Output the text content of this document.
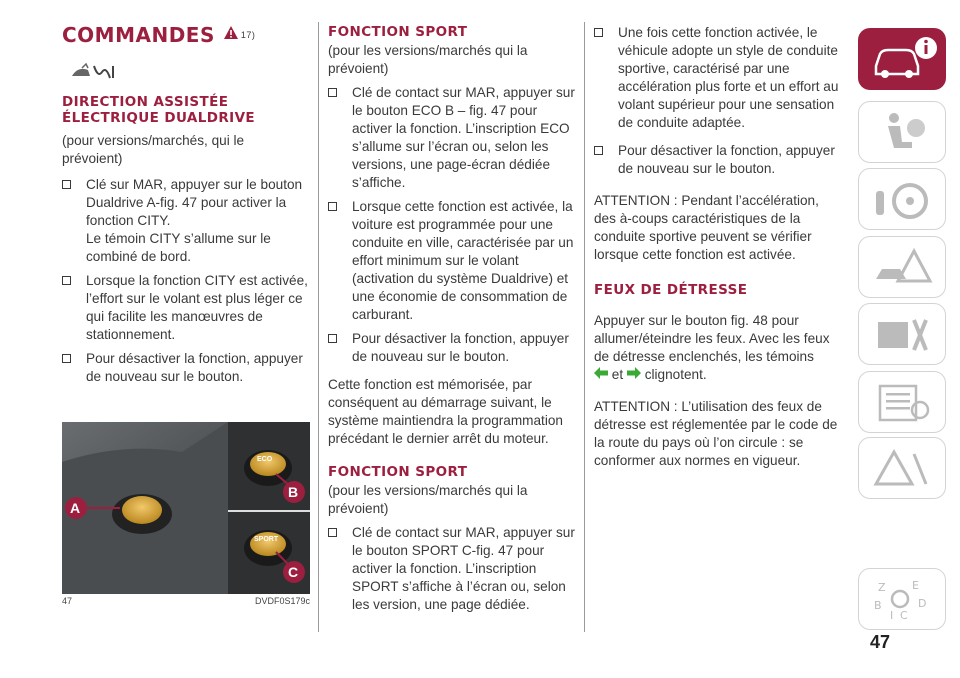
COMMANDES	17)
DIRECTION ASSISTÉE ÉLECTRIQUE DUALDRIVE
(pour versions/marchés, qui le prévoient)
Clé sur MAR, appuyer sur le bouton Dualdrive A-fig. 47 pour activer la fonction CITY.
Le témoin CITY s’allume sur le combiné de bord.
Lorsque la fonction CITY est activée, l’effort sur le volant est plus léger ce qui facilite les manœuvres de stationnement.
Pour désactiver la fonction, appuyer de nouveau sur le bouton.
ECO
SPORT
A
B
C
47	DVDF0S179c
FONCTION SPORT
(pour les versions/marchés qui la prévoient)
Clé de contact sur MAR, appuyer sur le bouton ECO B – fig. 47 pour activer la fonction. L’inscription ECO s’allume sur l’écran ou, selon les versions, une page-écran dédiée s’affiche.
Lorsque cette fonction est activée, la voiture est programmée pour une conduite en ville, caractérisée par un effort minimum sur le volant (activation du système Dualdrive) et une économie de consommation de carburant.
Pour désactiver la fonction, appuyer de nouveau sur le bouton.
Cette fonction est mémorisée, par conséquent au démarrage suivant, le système maintiendra la programmation précédant le dernier arrêt du moteur.
FONCTION SPORT
(pour les versions/marchés qui la prévoient)
Clé de contact sur MAR, appuyer sur le bouton SPORT C-fig. 47 pour activer la fonction. L’inscription SPORT s’affiche à l’écran ou, selon les version, une page dédiée.
Une fois cette fonction activée, le véhicule adopte un style de conduite sportive, caractérisé par une accélération plus forte et un effort au volant supérieur pour une sensation de conduite adaptée.
Pour désactiver la fonction, appuyer de nouveau sur le bouton.
ATTENTION : Pendant l’accélération, des à-coups caractéristiques de la conduite sportive peuvent se vérifier lorsque cette fonction est activée.
FEUX DE DÉTRESSE
Appuyer sur le bouton fig. 48 pour allumer/éteindre les feux. Avec les feux de détresse enclenchés, les témoins
et clignotent.
ATTENTION : L’utilisation des feux de détresse est réglementée par le code de la route du pays où l’on circule : se conformer aux normes en vigueur.
Z E
B	D
I C
47
